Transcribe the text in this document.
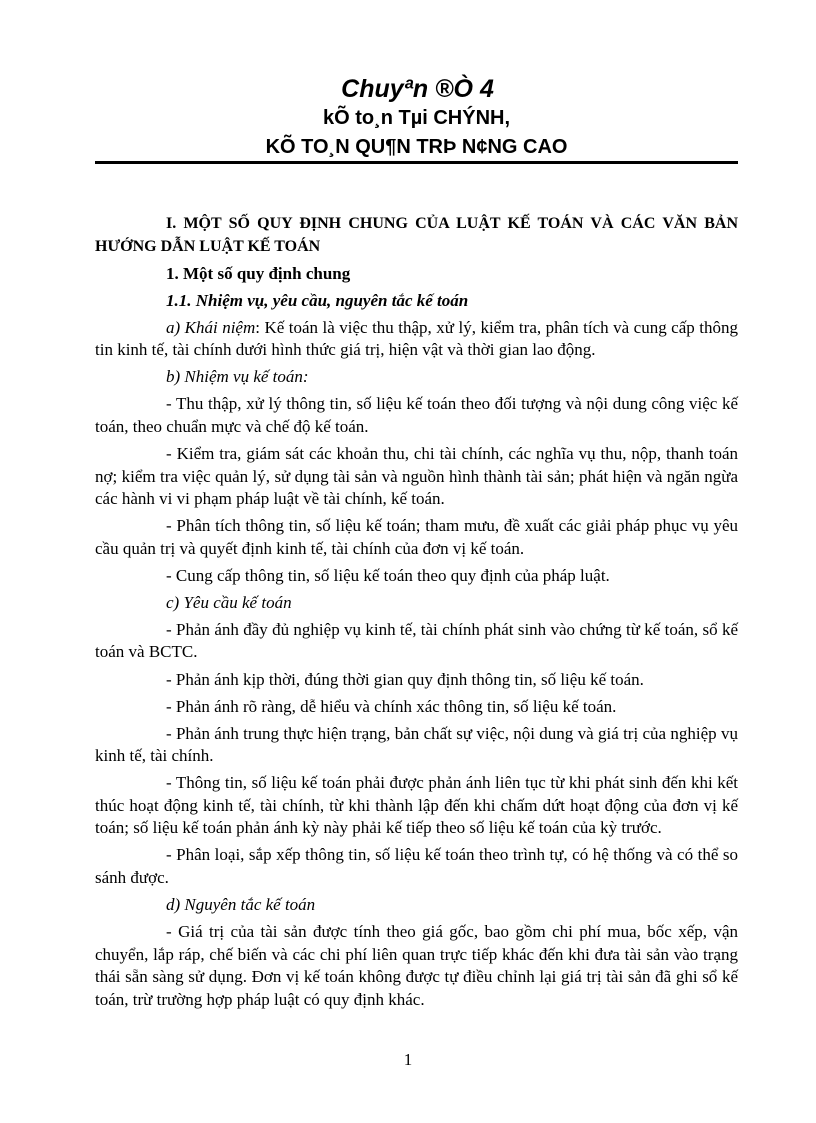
Chuyªn ®Ò 4
kÕ to¸n Tµi CHÝNH,
KÕ TO¸N QU¶N TRÞ N¢NG CAO

I. MỘT SỐ QUY ĐỊNH CHUNG CỦA LUẬT KẾ TOÁN VÀ CÁC VĂN BẢN HƯỚNG DẪN LUẬT KẾ TOÁN

1. Một số quy định chung

1.1. Nhiệm vụ, yêu cầu, nguyên tắc kế toán

a) Khái niệm: Kế toán là việc thu thập, xử lý, kiểm tra, phân tích và cung cấp thông tin kinh tế, tài chính dưới hình thức giá trị, hiện vật và thời gian lao động.

b) Nhiệm vụ kế toán:

- Thu thập, xử lý thông tin, số liệu kế toán theo đối tượng và nội dung công việc kế toán, theo chuẩn mực và chế độ kế toán.

- Kiểm tra, giám sát các khoản thu, chi tài chính, các nghĩa vụ thu, nộp, thanh toán nợ; kiểm tra việc quản lý, sử dụng tài sản và nguồn hình thành tài sản; phát hiện và ngăn ngừa các hành vi vi phạm pháp luật về tài chính, kế toán.

- Phân tích thông tin, số liệu kế toán; tham mưu, đề xuất các giải pháp phục vụ yêu cầu quản trị và quyết định kinh tế, tài chính của đơn vị kế toán.

- Cung cấp thông tin, số liệu kế toán theo quy định của pháp luật.

c) Yêu cầu kế toán

- Phản ánh đầy đủ nghiệp vụ kinh tế, tài chính phát sinh vào chứng từ kế toán, sổ kế toán và BCTC.

- Phản ánh kịp thời, đúng thời gian quy định thông tin, số liệu kế toán.

- Phản ánh rõ ràng, dễ hiểu và chính xác thông tin, số liệu kế toán.

- Phản ánh trung thực hiện trạng, bản chất sự việc, nội dung và giá trị của nghiệp vụ kinh tế, tài chính.

- Thông tin, số liệu kế toán phải được phản ánh liên tục từ khi phát sinh đến khi kết thúc hoạt động kinh tế, tài chính, từ khi thành lập đến khi chấm dứt hoạt động của đơn vị kế toán; số liệu kế toán phản ánh kỳ này phải kế tiếp theo số liệu kế toán của kỳ trước.

- Phân loại, sắp xếp thông tin, số liệu kế toán theo trình tự, có hệ thống và có thể so sánh được.

d) Nguyên tắc kế toán

- Giá trị của tài sản được tính theo giá gốc, bao gồm chi phí mua, bốc xếp, vận chuyển, lắp ráp, chế biến và các chi phí liên quan trực tiếp khác đến khi đưa tài sản vào trạng thái sẵn sàng sử dụng. Đơn vị kế toán không được tự điều chỉnh lại giá trị tài sản đã ghi sổ kế toán, trừ trường hợp pháp luật có quy định khác.

1
